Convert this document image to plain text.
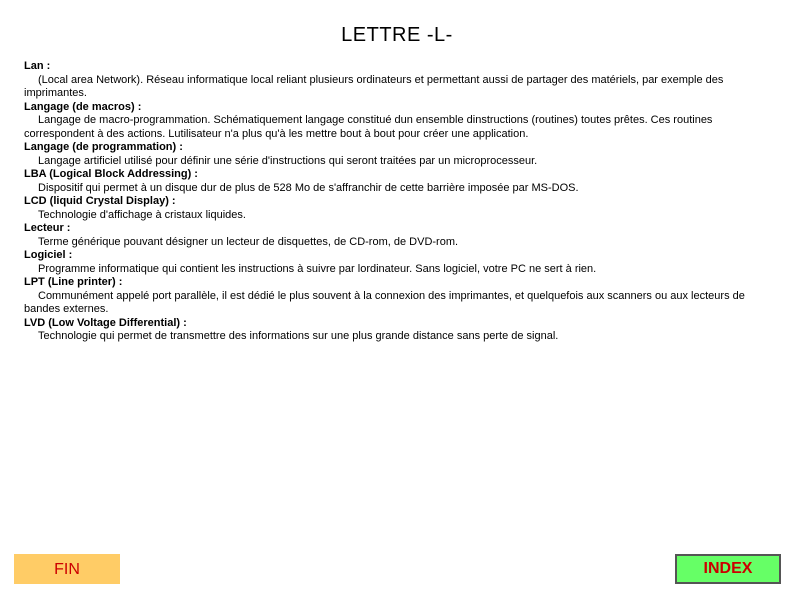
LETTRE -L-
Lan :
(Local area Network). Réseau informatique local reliant plusieurs ordinateurs et permettant aussi de partager des matériels, par exemple des imprimantes.
Langage (de macros) :
Langage de macro-programmation. Schématiquement langage constitué dun ensemble dinstructions (routines) toutes prêtes. Ces routines correspondent à des actions. Lutilisateur n'a plus qu'à les mettre bout à bout pour créer une application.
Langage (de programmation) :
Langage artificiel utilisé pour définir une série d'instructions qui seront traitées par un microprocesseur.
LBA (Logical Block Addressing) :
Dispositif qui permet à un disque dur de plus de 528 Mo de s'affranchir de cette barrière imposée par MS-DOS.
LCD (liquid Crystal Display) :
Technologie d'affichage à cristaux liquides.
Lecteur :
Terme générique pouvant désigner un lecteur de disquettes, de CD-rom, de DVD-rom.
Logiciel :
Programme informatique qui contient les instructions à suivre par lordinateur. Sans logiciel, votre PC ne sert à rien.
LPT (Line printer) :
Communément appelé port parallèle, il est dédié le plus souvent à la connexion des imprimantes, et quelquefois aux scanners ou aux lecteurs de bandes externes.
LVD (Low Voltage Differential) :
Technologie qui permet de transmettre des informations sur une plus grande distance sans perte de signal.
FIN	INDEX
